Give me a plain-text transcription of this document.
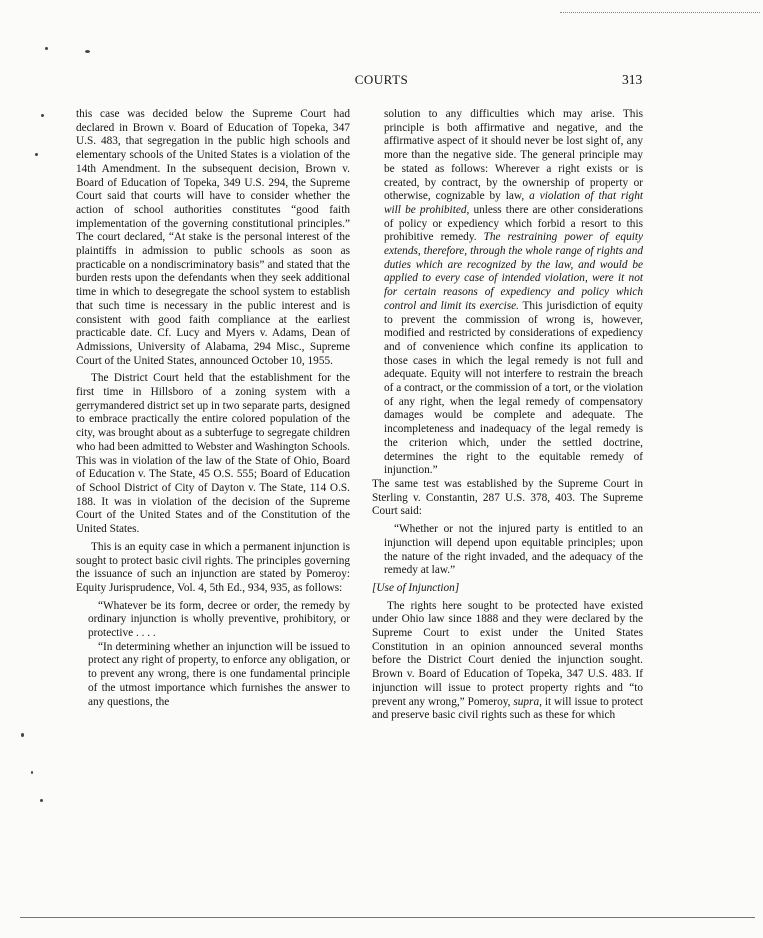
COURTS	313

this case was decided below the Supreme Court had declared in Brown v. Board of Education of Topeka, 347 U.S. 483, that segregation in the public high schools and elementary schools of the United States is a violation of the 14th Amendment. In the subsequent decision, Brown v. Board of Education of Topeka, 349 U.S. 294, the Supreme Court said that courts will have to consider whether the action of school authorities constitutes “good faith implementation of the governing constitutional principles.” The court declared, “At stake is the personal interest of the plaintiffs in admission to public schools as soon as practicable on a nondiscriminatory basis” and stated that the burden rests upon the defendants when they seek additional time in which to desegregate the school system to establish that such time is necessary in the public interest and is consistent with good faith compliance at the earliest practicable date. Cf. Lucy and Myers v. Adams, Dean of Admissions, University of Alabama, 294 Misc., Supreme Court of the United States, announced October 10, 1955.

The District Court held that the establishment for the first time in Hillsboro of a zoning system with a gerrymandered district set up in two separate parts, designed to embrace practically the entire colored population of the city, was brought about as a subterfuge to segregate children who had been admitted to Webster and Washington Schools. This was in violation of the law of the State of Ohio, Board of Education v. The State, 45 O.S. 555; Board of Education of School District of City of Dayton v. The State, 114 O.S. 188. It was in violation of the decision of the Supreme Court of the United States and of the Constitution of the United States.

This is an equity case in which a permanent injunction is sought to protect basic civil rights. The principles governing the issuance of such an injunction are stated by Pomeroy: Equity Jurisprudence, Vol. 4, 5th Ed., 934, 935, as follows:

“Whatever be its form, decree or order, the remedy by ordinary injunction is wholly preventive, prohibitory, or protective . . . .

“In determining whether an injunction will be issued to protect any right of property, to enforce any obligation, or to prevent any wrong, there is one fundamental principle of the utmost importance which furnishes the answer to any questions, the

solution to any difficulties which may arise. This principle is both affirmative and negative, and the affirmative aspect of it should never be lost sight of, any more than the negative side. The general principle may be stated as follows: Wherever a right exists or is created, by contract, by the ownership of property or otherwise, cognizable by law, a violation of that right will be prohibited, unless there are other considerations of policy or expediency which forbid a resort to this prohibitive remedy. The restraining power of equity extends, therefore, through the whole range of rights and duties which are recognized by the law, and would be applied to every case of intended violation, were it not for certain reasons of expediency and policy which control and limit its exercise. This jurisdiction of equity to prevent the commission of wrong is, however, modified and restricted by considerations of expediency and of convenience which confine its application to those cases in which the legal remedy is not full and adequate. Equity will not interfere to restrain the breach of a contract, or the commission of a tort, or the violation of any right, when the legal remedy of compensatory damages would be complete and adequate. The incompleteness and inadequacy of the legal remedy is the criterion which, under the settled doctrine, determines the right to the equitable remedy of injunction.”

The same test was established by the Supreme Court in Sterling v. Constantin, 287 U.S. 378, 403. The Supreme Court said:

“Whether or not the injured party is entitled to an injunction will depend upon equitable principles; upon the nature of the right invaded, and the adequacy of the remedy at law.”

[Use of Injunction]

The rights here sought to be protected have existed under Ohio law since 1888 and they were declared by the Supreme Court to exist under the United States Constitution in an opinion announced several months before the District Court denied the injunction sought. Brown v. Board of Education of Topeka, 347 U.S. 483. If injunction will issue to protect property rights and “to prevent any wrong,” Pomeroy, supra, it will issue to protect and preserve basic civil rights such as these for which
